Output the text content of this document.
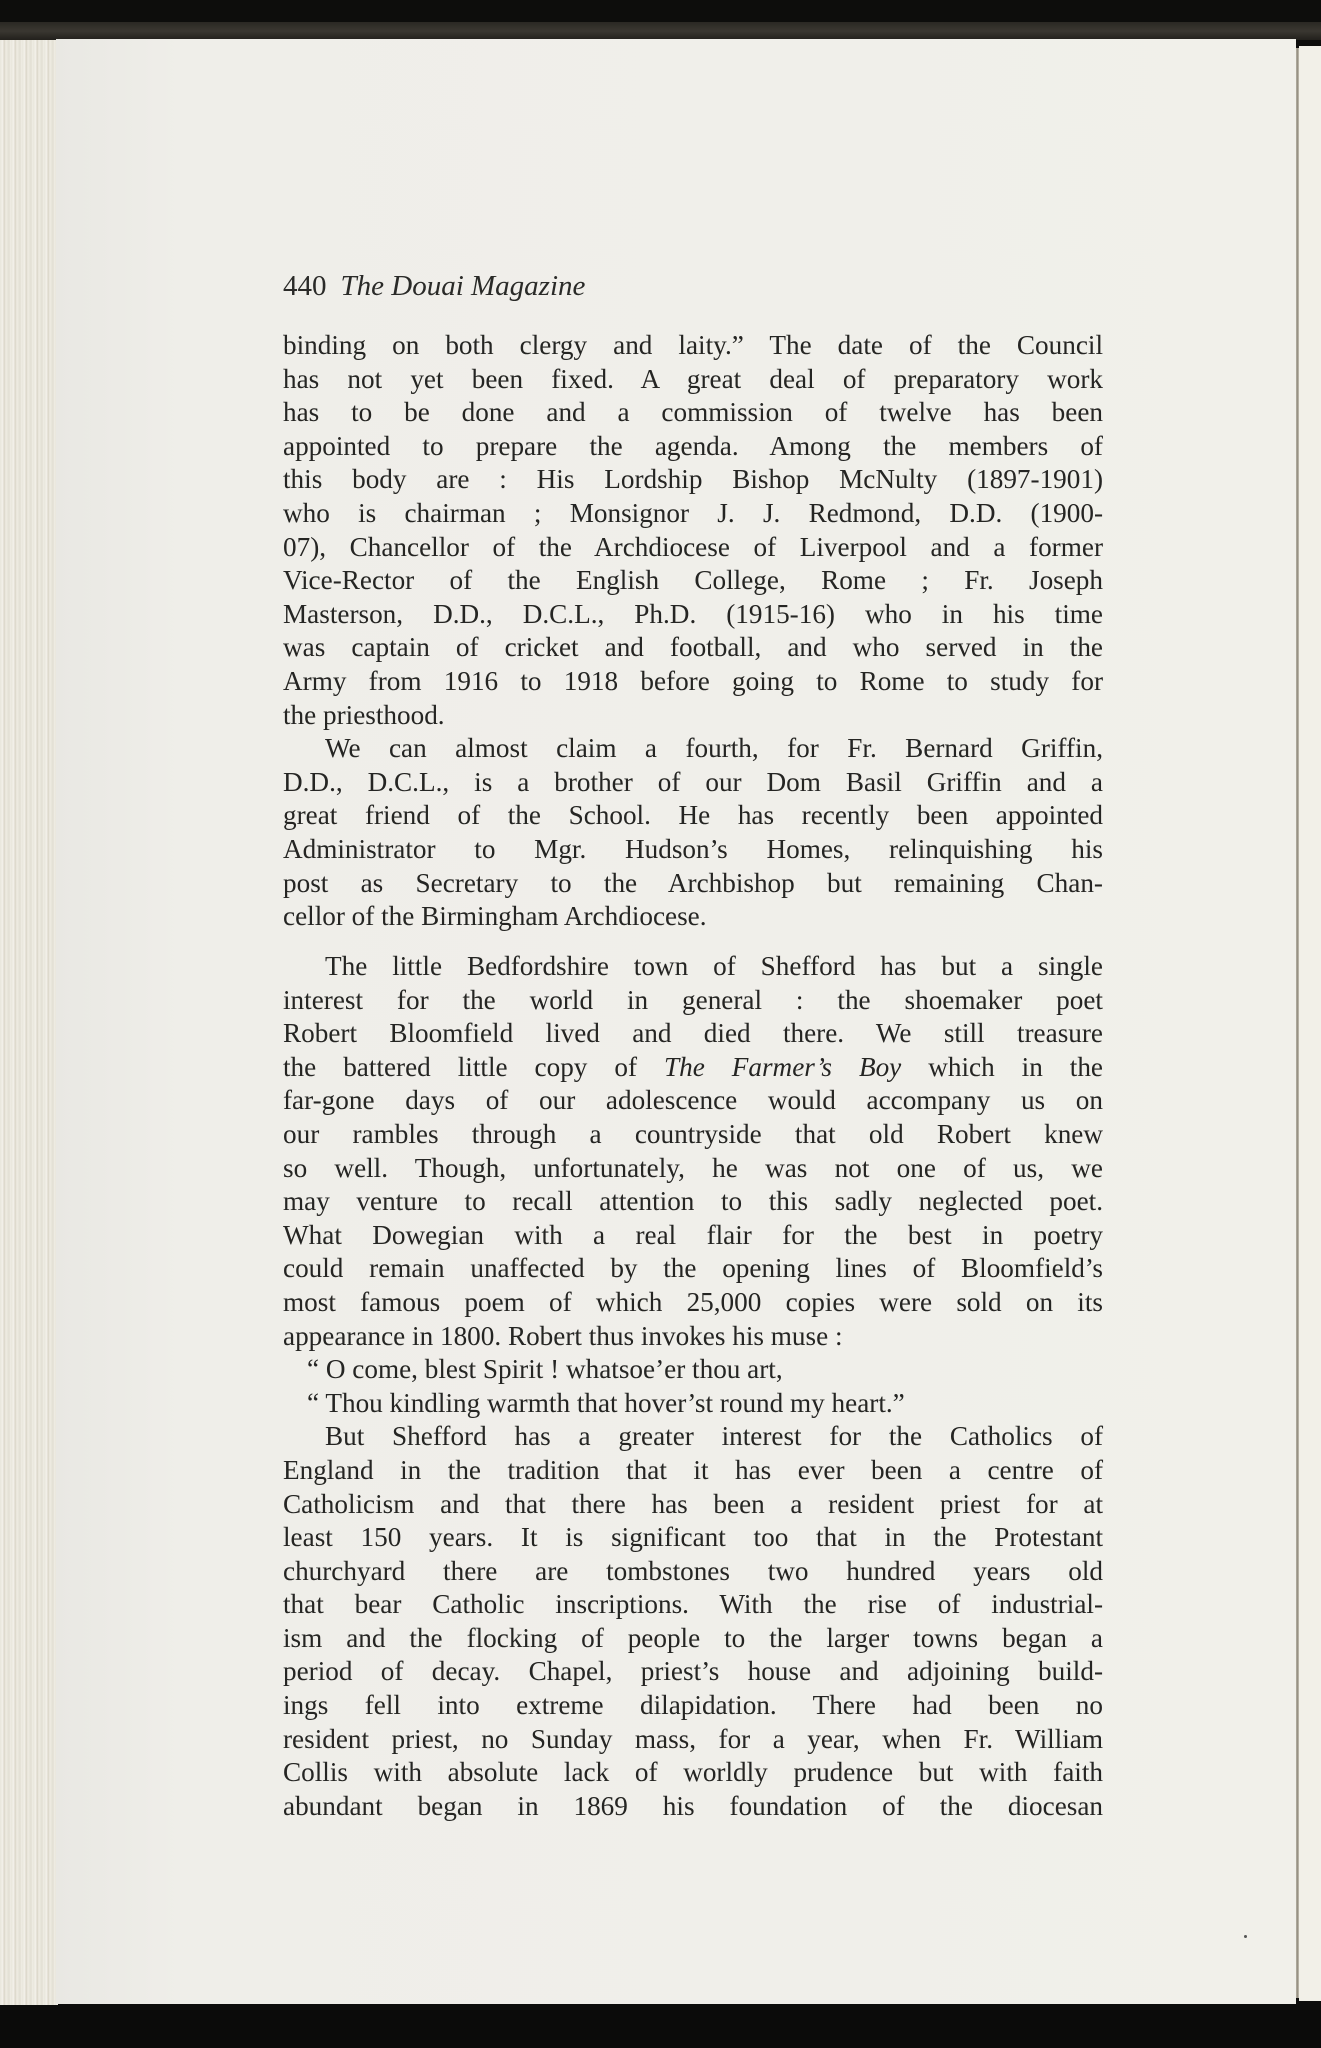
440 The Douai Magazine
binding on both clergy and laity.” The date of the Council
has not yet been fixed. A great deal of preparatory work
has to be done and a commission of twelve has been
appointed to prepare the agenda. Among the members of
this body are : His Lordship Bishop McNulty (1897-1901)
who is chairman ; Monsignor J. J. Redmond, D.D. (1900-
07), Chancellor of the Archdiocese of Liverpool and a former
Vice-Rector of the English College, Rome ; Fr. Joseph
Masterson, D.D., D.C.L., Ph.D. (1915-16) who in his time
was captain of cricket and football, and who served in the
Army from 1916 to 1918 before going to Rome to study for
the priesthood.
We can almost claim a fourth, for Fr. Bernard Griffin,
D.D., D.C.L., is a brother of our Dom Basil Griffin and a
great friend of the School. He has recently been appointed
Administrator to Mgr. Hudson’s Homes, relinquishing his
post as Secretary to the Archbishop but remaining Chan-
cellor of the Birmingham Archdiocese.
The little Bedfordshire town of Shefford has but a single
interest for the world in general : the shoemaker poet
Robert Bloomfield lived and died there. We still treasure
the battered little copy of The Farmer’s Boy which in the
far-gone days of our adolescence would accompany us on
our rambles through a countryside that old Robert knew
so well. Though, unfortunately, he was not one of us, we
may venture to recall attention to this sadly neglected poet.
What Dowegian with a real flair for the best in poetry
could remain unaffected by the opening lines of Bloomfield’s
most famous poem of which 25,000 copies were sold on its
appearance in 1800. Robert thus invokes his muse :
“ O come, blest Spirit ! whatsoe’er thou art,
“ Thou kindling warmth that hover’st round my heart.”
But Shefford has a greater interest for the Catholics of
England in the tradition that it has ever been a centre of
Catholicism and that there has been a resident priest for at
least 150 years. It is significant too that in the Protestant
churchyard there are tombstones two hundred years old
that bear Catholic inscriptions. With the rise of industrial-
ism and the flocking of people to the larger towns began a
period of decay. Chapel, priest’s house and adjoining build-
ings fell into extreme dilapidation. There had been no
resident priest, no Sunday mass, for a year, when Fr. William
Collis with absolute lack of worldly prudence but with faith
abundant began in 1869 his foundation of the diocesan
